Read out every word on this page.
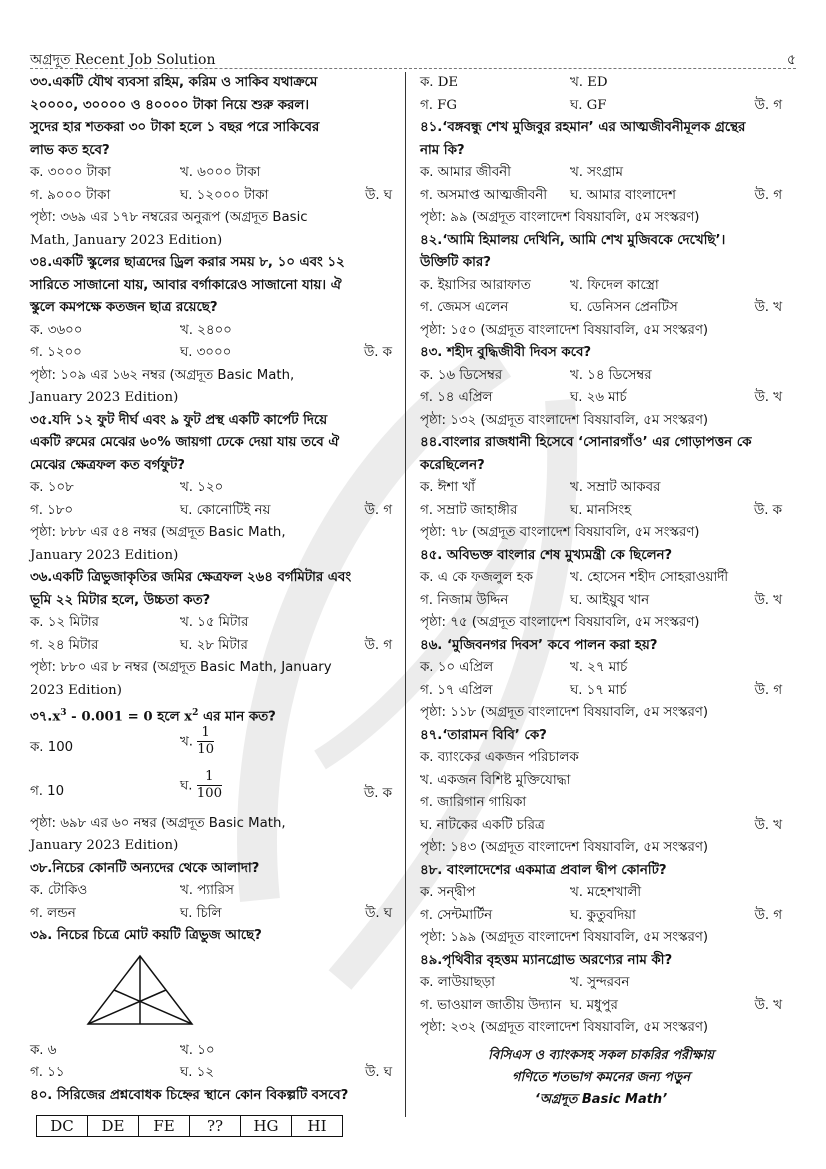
অগ্রদূত Recent Job Solution	৫
৩৩.একটি যৌথ ব্যবসা রহিম, করিম ও সাকিব যথাক্রমে
২০০০০, ৩০০০০ ও ৪০০০০ টাকা নিয়ে শুরু করল।
সুদের হার শতকরা ৩০ টাকা হলে ১ বছর পরে সাকিবের
লাভ কত হবে?
ক. ৩০০০ টাকা	খ. ৬০০০ টাকা
গ. ৯০০০ টাকা	ঘ. ১২০০০ টাকা	উ. ঘ
পৃষ্ঠা: ৩৬৯ এর ১৭৮ নম্বরের অনুরূপ (অগ্রদূত Basic
Math, January 2023 Edition)
৩৪.একটি স্কুলের ছাত্রদের ড্রিল করার সময় ৮, ১০ এবং ১২
সারিতে সাজানো যায়, আবার বর্গাকারেও সাজানো যায়। ঐ
স্কুলে কমপক্ষে কতজন ছাত্র রয়েছে?
ক. ৩৬০০	খ. ২৪০০
গ. ১২০০	ঘ. ৩০০০	উ. ক
পৃষ্ঠা: ১০৯ এর ১৬২ নম্বর (অগ্রদূত Basic Math,
January 2023 Edition)
৩৫.যদি ১২ ফুট দীর্ঘ এবং ৯ ফুট প্রস্থ একটি কার্পেট দিয়ে
একটি রুমের মেঝের ৬০% জায়গা ঢেকে দেয়া যায় তবে ঐ
মেঝের ক্ষেত্রফল কত বর্গফুট?
ক. ১০৮	খ. ১২০
গ. ১৮০	ঘ. কোনোটিই নয়	উ. গ
পৃষ্ঠা: ৮৮৮ এর ৫৪ নম্বর (অগ্রদূত Basic Math,
January 2023 Edition)
৩৬.একটি ত্রিভুজাকৃতির জমির ক্ষেত্রফল ২৬৪ বর্গমিটার এবং
ভূমি ২২ মিটার হলে, উচ্চতা কত?
ক. ১২ মিটার	খ. ১৫ মিটার
গ. ২৪ মিটার	ঘ. ২৮ মিটার	উ. গ
পৃষ্ঠা: ৮৮০ এর ৮ নম্বর (অগ্রদূত Basic Math, January
2023 Edition)
$৩৭.x^3 - 0.001 = 0$ হলে $x^2$ এর মান কত?
ক. 100	খ. $\frac{1}{10}$
গ. 10	ঘ. $\frac{1}{100}$	উ. ক
পৃষ্ঠা: ৬৯৮ এর ৬০ নম্বর (অগ্রদূত Basic Math,
January 2023 Edition)
৩৮.নিচের কোনটি অন্যদের থেকে আলাদা?
ক. টোকিও	খ. প্যারিস
গ. লন্ডন	ঘ. চিলি	উ. ঘ
৩৯. নিচের চিত্রে মোট কয়টি ত্রিভুজ আছে?
ক. ৬	খ. ১০
গ. ১১	ঘ. ১২	উ. ঘ
৪০. সিরিজের প্রশ্নবোধক চিহ্নের স্থানে কোন বিকল্পটি বসবে?
DC	DE	FE	??	HG	HI
ক. DE	খ. ED
গ. FG	ঘ. GF	উ. গ
৪১.‘বঙ্গবন্ধু শেখ মুজিবুর রহমান’ এর আত্মজীবনীমূলক গ্রন্থের
নাম কি?
ক. আমার জীবনী	খ. সংগ্রাম
গ. অসমাপ্ত আত্মজীবনী ঘ. আমার বাংলাদেশ	উ. গ
পৃষ্ঠা: ৯৯ (অগ্রদূত বাংলাদেশ বিষয়াবলি, ৫ম সংস্করণ)
৪২.‘আমি হিমালয় দেখিনি, আমি শেখ মুজিবকে দেখেছি’।
উক্তিটি কার?
ক. ইয়াসির আরাফাত	খ. ফিদেল কাস্ত্রো
গ. জেমস এলেন	ঘ. ডেনিসন প্রেনটিস	উ. খ
পৃষ্ঠা: ১৫০ (অগ্রদূত বাংলাদেশ বিষয়াবলি, ৫ম সংস্করণ)
৪৩. শহীদ বুদ্ধিজীবী দিবস কবে?
ক. ১৬ ডিসেম্বর	খ. ১৪ ডিসেম্বর
গ. ১৪ এপ্রিল	ঘ. ২৬ মার্চ	উ. খ
পৃষ্ঠা: ১৩২ (অগ্রদূত বাংলাদেশ বিষয়াবলি, ৫ম সংস্করণ)
৪৪.বাংলার রাজধানী হিসেবে ‘সোনারগাঁও’ এর গোড়াপত্তন কে
করেছিলেন?
ক. ঈশা খাঁ	খ. সম্রাট আকবর
গ. সম্রাট জাহাঙ্গীর	ঘ. মানসিংহ	উ. ক
পৃষ্ঠা: ৭৮ (অগ্রদূত বাংলাদেশ বিষয়াবলি, ৫ম সংস্করণ)
৪৫. অবিভক্ত বাংলার শেষ মুখ্যমন্ত্রী কে ছিলেন?
ক. এ কে ফজলুল হক	খ. হোসেন শহীদ সোহরাওয়ার্দী
গ. নিজাম উদ্দিন	ঘ. আইয়ুব খান	উ. খ
পৃষ্ঠা: ৭৫ (অগ্রদূত বাংলাদেশ বিষয়াবলি, ৫ম সংস্করণ)
৪৬. ‘মুজিবনগর দিবস’ কবে পালন করা হয়?
ক. ১০ এপ্রিল	খ. ২৭ মার্চ
গ. ১৭ এপ্রিল	ঘ. ১৭ মার্চ	উ. গ
পৃষ্ঠা: ১১৮ (অগ্রদূত বাংলাদেশ বিষয়াবলি, ৫ম সংস্করণ)
৪৭.‘তারামন বিবি’ কে?
ক. ব্যাংকের একজন পরিচালক
খ. একজন বিশিষ্ট মুক্তিযোদ্ধা
গ. জারিগান গায়িকা
ঘ. নাটকের একটি চরিত্র	উ. খ
পৃষ্ঠা: ১৪৩ (অগ্রদূত বাংলাদেশ বিষয়াবলি, ৫ম সংস্করণ)
৪৮. বাংলাদেশের একমাত্র প্রবাল দ্বীপ কোনটি?
ক. সন্দ্বীপ	খ. মহেশখালী
গ. সেন্টমার্টিন	ঘ. কুতুবদিয়া	উ. গ
পৃষ্ঠা: ১৯৯ (অগ্রদূত বাংলাদেশ বিষয়াবলি, ৫ম সংস্করণ)
৪৯.পৃথিবীর বৃহত্তম ম্যানগ্রোভ অরণ্যের নাম কী?
ক. লাউয়াছড়া	খ. সুন্দরবন
গ. ভাওয়াল জাতীয় উদ্যান ঘ. মধুপুর	উ. খ
পৃষ্ঠা: ২৩২ (অগ্রদূত বাংলাদেশ বিষয়াবলি, ৫ম সংস্করণ)
বিসিএস ও ব্যাংকসহ সকল চাকরির পরীক্ষায়
গণিতে শতভাগ কমনের জন্য পড়ুন
‘অগ্রদূত Basic Math’
